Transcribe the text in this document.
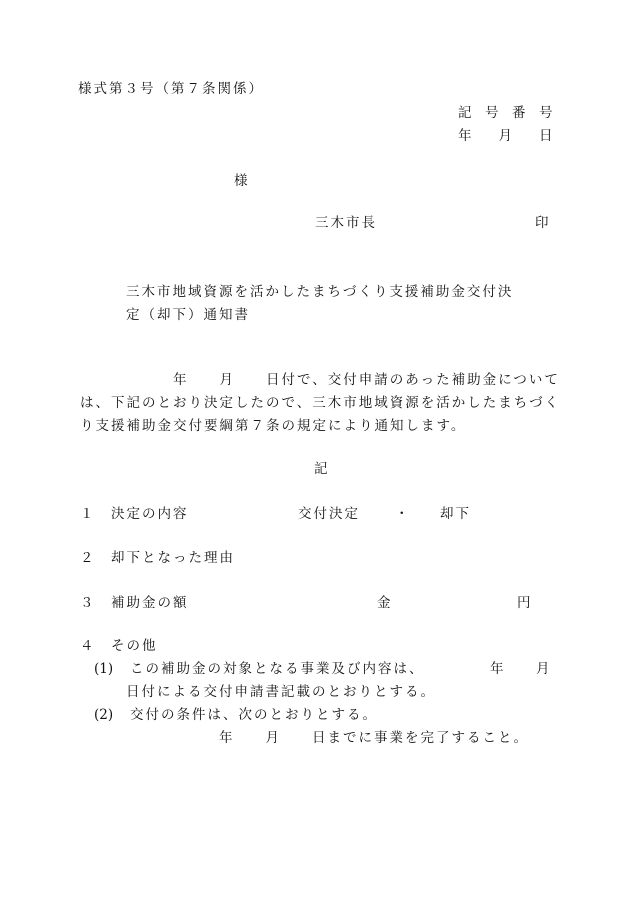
様式第３号（第７条関係）
記　号　番　号
年　　月　　日
様
三木市長	印
三木市地域資源を活かしたまちづくり支援補助金交付決
定（却下）通知書
年　　月　　日付で、交付申請のあった補助金について
は、下記のとおり決定したので、三木市地域資源を活かしたまちづく
り支援補助金交付要綱第７条の規定により通知します。
記
１ 決定の内容	交付決定	・ 却下
２ 却下となった理由
３ 補助金の額	金	円
４ その他
(1) この補助金の対象となる事業及び内容は、	年 月
日付による交付申請書記載のとおりとする。
(2) 交付の条件は、次のとおりとする。
年　　月　　日までに事業を完了すること。
